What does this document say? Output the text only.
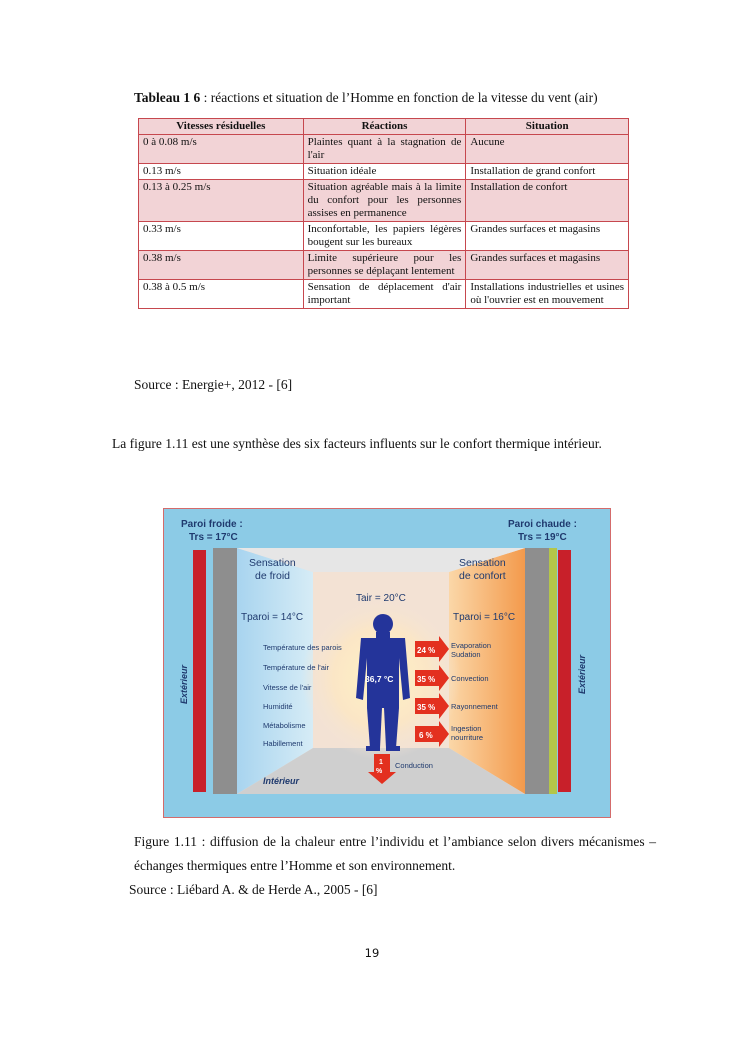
Tableau 1 6 : réactions et situation de l’Homme en fonction de la vitesse du vent (air)
Vitesses résiduelles	Réactions	Situation
0 à 0.08 m/s	Plaintes quant à la stagnation de l'air	Aucune
0.13 m/s	Situation idéale	Installation de grand confort
0.13 à 0.25 m/s	Situation agréable mais à la limite du confort pour les personnes assises en permanence	Installation de confort
0.33 m/s	Inconfortable, les papiers légères bougent sur les bureaux	Grandes surfaces et magasins
0.38 m/s	Limite supérieure pour les personnes se déplaçant lentement	Grandes surfaces et magasins
0.38 à 0.5 m/s	Sensation de déplacement d'air important	Installations industrielles et usines où l'ouvrier est en mouvement
Source : Energie+, 2012 - [6]
La figure 1.11 est une synthèse des six facteurs influents sur le confort thermique intérieur.
Paroi froide :
Trs = 17°C
Paroi chaude :
Trs = 19°C
Sensation
de froid
Sensation
de confort
Tair = 20°C
Tparoi = 14°C	Tparoi = 16°C
Température des parois
Température de l'air
Vitesse de l'air
Humidité
Métabolisme
Habillement
36,7 °C
24 %
35 %
35 %
6 %
Evaporation
Sudation
Convection
Rayonnement
Ingestion
nourriture
1
%
Conduction
Intérieur
Extérieur	Extérieur
Figure 1.11 : diffusion de la chaleur entre l’individu et l’ambiance selon divers mécanismes – échanges thermiques entre l’Homme et son environnement.
Source : Liébard A. & de Herde A., 2005 - [6]
19
